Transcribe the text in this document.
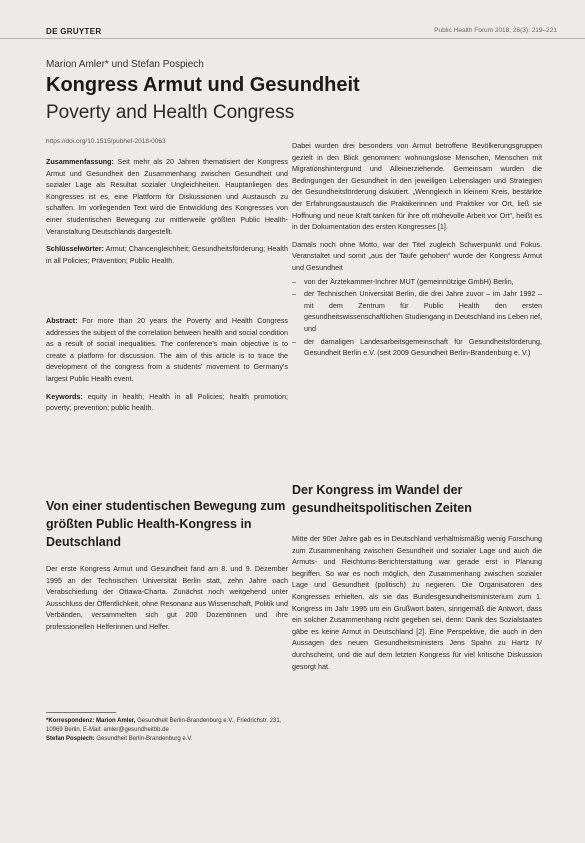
DE GRUYTER	Public Health Forum 2018; 26(3): 219–221
Marion Amler* und Stefan Pospiech
Kongress Armut und Gesundheit
Poverty and Health Congress
https://doi.org/10.1515/pubhef-2018-0063

Zusammenfassung: Seit mehr als 20 Jahren thematisiert der Kongress Armut und Gesundheit den Zusammenhang zwischen Gesundheit und sozialer Lage als Resultat sozialer Ungleichheiten. Hauptanliegen des Kongresses ist es, eine Plattform für Diskussionen und Austausch zu schaffen. Im vorliegenden Text wird die Entwicklung des Kongresses von einer studentischen Bewegung zur mittlerweile größten Public Health-Veranstaltung Deutschlands dargestellt.

Schlüsselwörter: Armut; Chancengleichheit; Gesundheitsförderung; Health in all Policies; Prävention; Public Health.

Abstract: For more than 20 years the Poverty and Health Congress addresses the subject of the correlation between health and social condition as a result of social inequalities. The conference's main objective is to create a platform for discussion. The aim of this article is to trace the development of the congress from a students' movement to Germany's largest Public Health event.

Keywords: equity in health; Health in all Policies; health promotion; poverty; prevention; public health.

Von einer studentischen Bewegung zum größten Public Health-Kongress in Deutschland

Der erste Kongress Armut und Gesundheit fand am 8. und 9. Dezember 1995 an der Technischen Universität Berlin statt, zehn Jahre nach Verabschiedung der Ottawa-Charta. Zunächst noch weitgehend unter Ausschluss der Öffentlichkeit, ohne Resonanz aus Wissenschaft, Politik und Verbänden, versammelten sich gut 200 Dozentinnen und ihre professionellen Helferinnen und Helfer.

*Korrespondenz: Marion Amler, Gesundheit Berlin-Brandenburg e.V., Friedrichstr. 231, 10969 Berlin, E-Mail: amler@gesundheitbb.de
Stefan Pospiech: Gesundheit Berlin-Brandenburg e.V.

Dabei wurden drei besonders von Armut betroffene Bevölkerungsgruppen gezielt in den Blick genommen: wohnungslose Menschen, Menschen mit Migrationshintergrund und Alleinerziehende. Gemeinsam wurden die Bedingungen der Gesundheit in den jeweiligen Lebenslagen und Strategien der Gesundheitsförderung diskutiert. „Wenngleich in kleinem Kreis, bestärkte der Erfahrungsaustausch die Praktikerinnen und Praktiker vor Ort, ließ sie Hoffnung und neue Kraft tanken für ihre oft mühevolle Arbeit vor Ort“, heißt es in der Dokumentation des ersten Kongresses [1].

Damals noch ohne Motto, war der Titel zugleich Schwerpunkt und Fokus. Veranstaltet und somit „aus der Taufe gehoben“ wurde der Kongress Armut und Gesundheit

– von der Ärztekammer-Inchrer MUT (gemeinnützige GmbH) Berlin,
– der Technischen Universität Berlin, die drei Jahre zuvor – im Jahr 1992 – mit dem Zentrum für Public Health den ersten gesundheitswissenschaftlichen Studiengang in Deutschland ins Leben rief, und
– der damaligen Landesarbeitsgemeinschaft für Gesundheitsförderung, Gesundheit Berlin e.V. (seit 2009 Gesundheit Berlin-Brandenburg e. V.)
Der Kongress im Wandel der gesundheitspolitischen Zeiten

Mitte der 90er Jahre gab es in Deutschland verhältnismäßig wenig Forschung zum Zusammenhang zwischen Gesundheit und sozialer Lage und auch die Armuts- und Reichtums-Berichterstattung war gerade erst in Planung begriffen. So war es noch möglich, den Zusammenhang zwischen sozialer Lage und Gesundheit (politisch) zu negieren. Die Organisatoren des Kongresses erhielten, als sie das Bundesgesundheitsministerium zum 1. Kongress im Jahr 1995 um ein Grußwort baten, sinngemäß die Antwort, dass ein solcher Zusammenhang nicht gegeben sei, denn: Dank des Sozialstaates gäbe es keine Armut in Deutschland [2]. Eine Perspektive, die auch in den Aussagen des neuen Gesundheitsministers Jens Spahn zu Hartz IV durchscheint, und die auf dem letzten Kongress für viel kritische Diskussion gesorgt hat.
